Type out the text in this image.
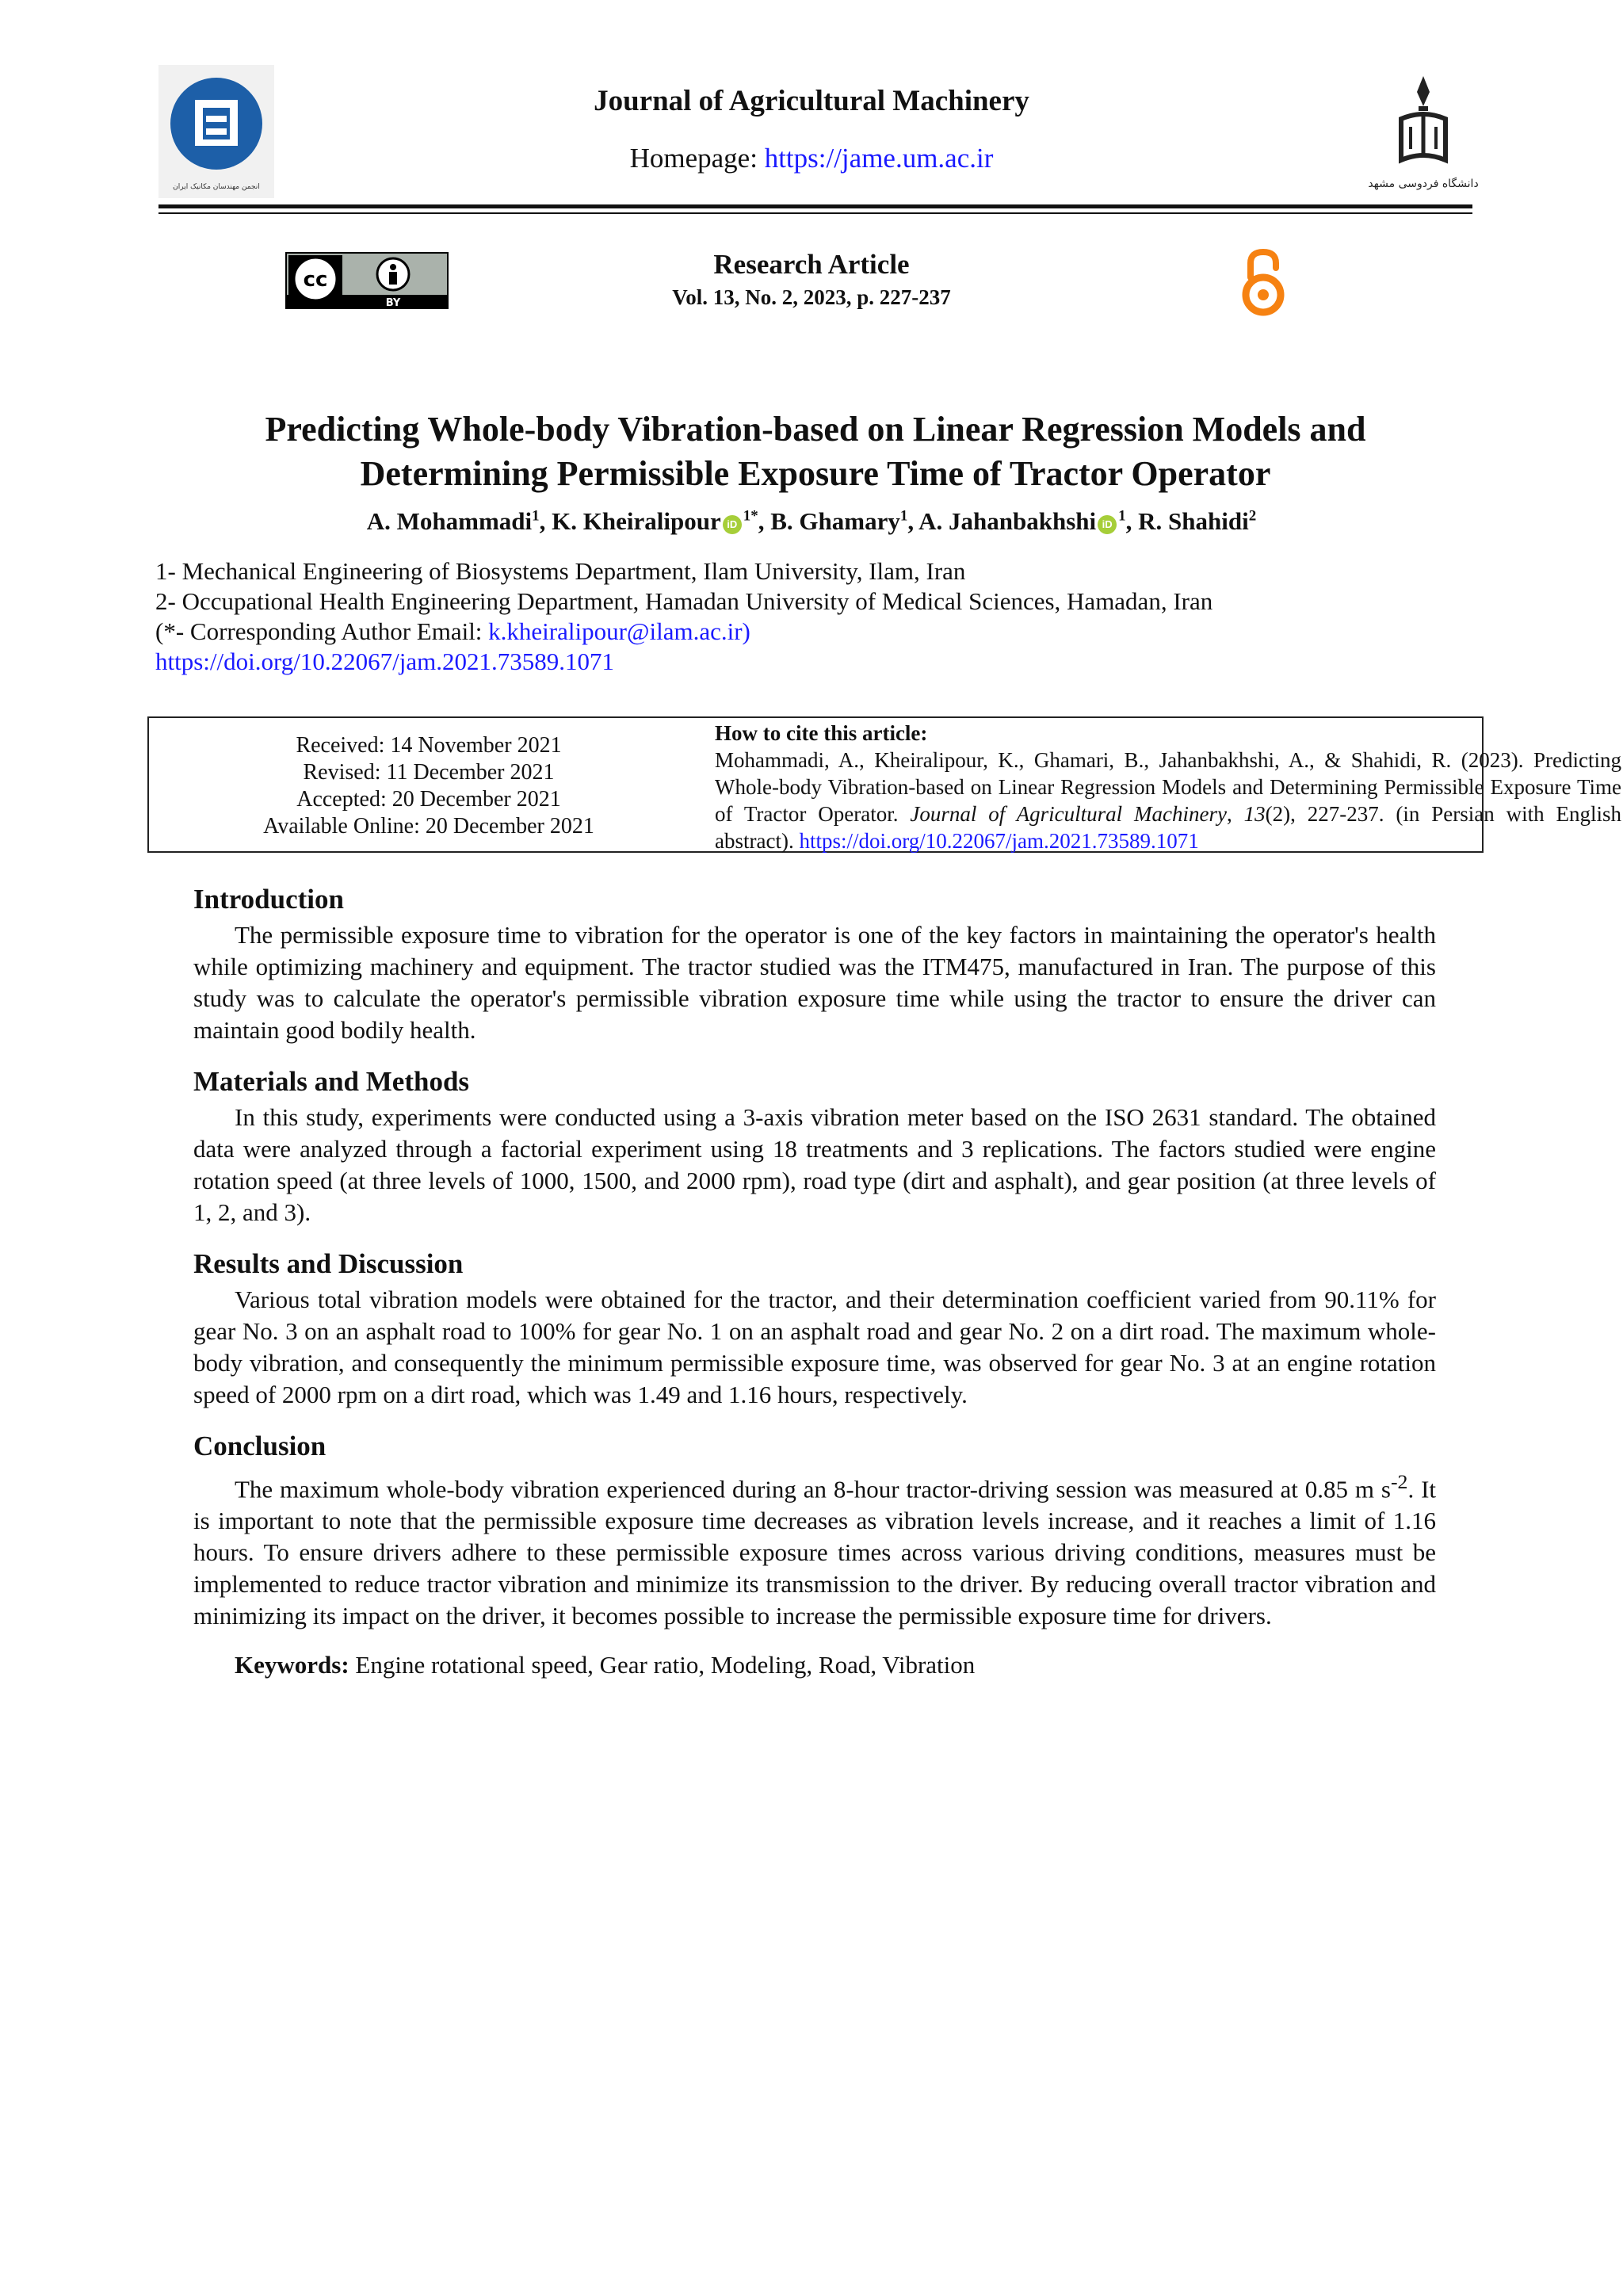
انجمن مهندسان مکانیک ایران
Journal of Agricultural Machinery
Homepage: https://jame.um.ac.ir
دانشگاه فردوسی مشهد
cc
BY
Research Article
Vol. 13, No. 2, 2023, p. 227-237
Predicting Whole-body Vibration-based on Linear Regression Models and
Determining Permissible Exposure Time of Tractor Operator
A. Mohammadi$^1$, K. Kheiralipour iD $^{1*}$, B. Ghamary$^1$, A. Jahanbakhshi iD $^1$, R. Shahidi$^2$
1- Mechanical Engineering of Biosystems Department, Ilam University, Ilam, Iran
2- Occupational Health Engineering Department, Hamadan University of Medical Sciences, Hamadan, Iran
(*- Corresponding Author Email: k.kheiralipour@ilam.ac.ir)
https://doi.org/10.22067/jam.2021.73589.1071
Received: 14 November 2021
Revised: 11 December 2021
Accepted: 20 December 2021
Available Online: 20 December 2021
How to cite this article:
Mohammadi, A., Kheiralipour, K., Ghamari, B., Jahanbakhshi, A., & Shahidi, R. (2023). Predicting Whole-body Vibration-based on Linear Regression Models and Determining Permissible Exposure Time of Tractor Operator. Journal of Agricultural Machinery, 13(2), 227-237. (in Persian with English abstract). https://doi.org/10.22067/jam.2021.73589.1071
Introduction

The permissible exposure time to vibration for the operator is one of the key factors in maintaining the operator's health while optimizing machinery and equipment. The tractor studied was the ITM475, manufactured in Iran. The purpose of this study was to calculate the operator's permissible vibration exposure time while using the tractor to ensure the driver can maintain good bodily health.

Materials and Methods

In this study, experiments were conducted using a 3-axis vibration meter based on the ISO 2631 standard. The obtained data were analyzed through a factorial experiment using 18 treatments and 3 replications. The factors studied were engine rotation speed (at three levels of 1000, 1500, and 2000 rpm), road type (dirt and asphalt), and gear position (at three levels of 1, 2, and 3).

Results and Discussion

Various total vibration models were obtained for the tractor, and their determination coefficient varied from 90.11% for gear No. 3 on an asphalt road to 100% for gear No. 1 on an asphalt road and gear No. 2 on a dirt road. The maximum whole-body vibration, and consequently the minimum permissible exposure time, was observed for gear No. 3 at an engine rotation speed of 2000 rpm on a dirt road, which was 1.49 and 1.16 hours, respectively.

Conclusion

The maximum whole-body vibration experienced during an 8-hour tractor-driving session was measured at 0.85 m $s^{-2}$. It is important to note that the permissible exposure time decreases as vibration levels increase, and it reaches a limit of 1.16 hours. To ensure drivers adhere to these permissible exposure times across various driving conditions, measures must be implemented to reduce tractor vibration and minimize its transmission to the driver. By reducing overall tractor vibration and minimizing its impact on the driver, it becomes possible to increase the permissible exposure time for drivers.

Keywords: Engine rotational speed, Gear ratio, Modeling, Road, Vibration
